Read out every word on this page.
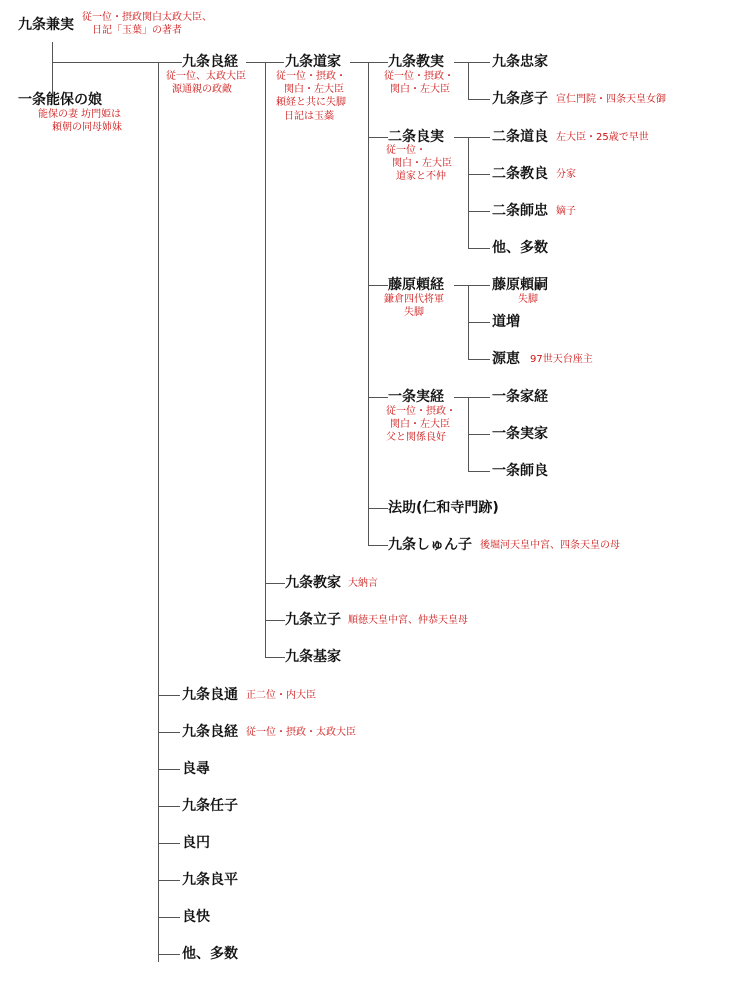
九条兼実 従一位・摂政関白太政大臣、
日記「玉葉」の著者
一条能保の娘
能保の妻 坊門姫は
頼朝の同母姉妹
九条良経
従一位、太政大臣
源通親の政敵
九条良通 正二位・内大臣
九条良経 従一位・摂政・太政大臣
良尋
九条任子
良円
九条良平
良快
他、多数
九条道家
従一位・摂政・
関白・左大臣
頼経と共に失脚
日記は玉蘂
九条教家 大納言
九条立子 順徳天皇中宮、仲恭天皇母
九条基家
九条教実
従一位・摂政・
関白・左大臣
二条良実
従一位・
関白・左大臣
道家と不仲
藤原頼経
鎌倉四代将軍
失脚
一条実経
従一位・摂政・
関白・左大臣
父と関係良好
法助(仁和寺門跡)
九条しゅん子 後堀河天皇中宮、四条天皇の母
九条忠家
九条彦子 宣仁門院・四条天皇女御
二条道良 左大臣・25歳で早世
二条教良 分家
二条師忠 嫡子
他、多数
藤原頼嗣
失脚
道増
源恵 97世天台座主
一条家経
一条実家
一条師良
